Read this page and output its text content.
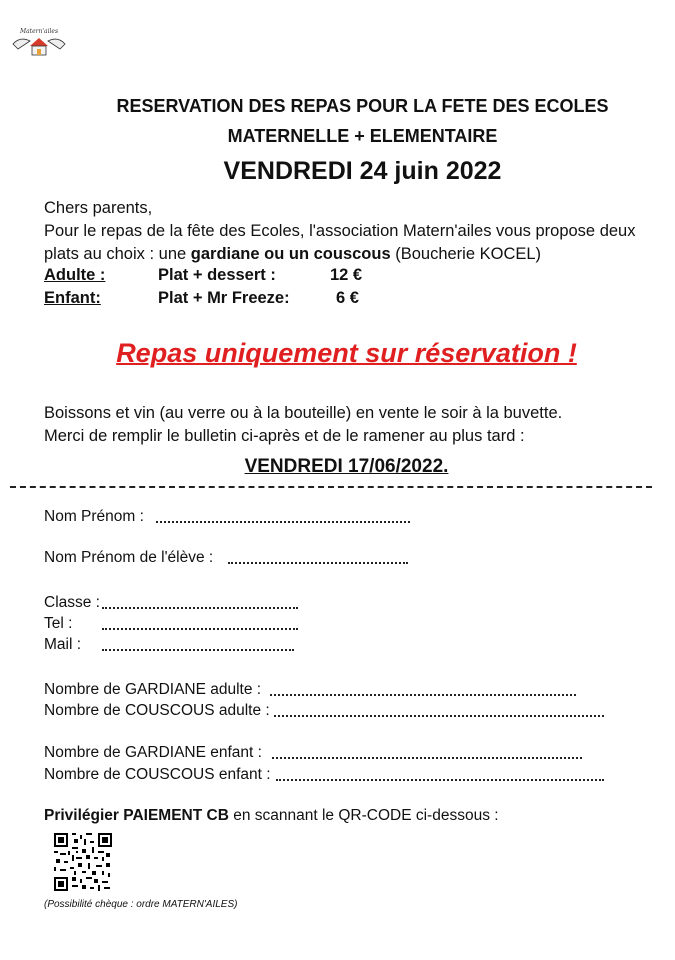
Matern'ailes
RESERVATION DES REPAS POUR LA FETE DES ECOLES
MATERNELLE + ELEMENTAIRE
VENDREDI 24 juin 2022
Chers parents,
Pour le repas de la fête des Ecoles, l'association Matern'ailes vous propose deux plats au choix : une gardiane ou un couscous (Boucherie KOCEL)
Adulte :	Plat + dessert :	12 €
Enfant:	Plat + Mr Freeze:	6 €
Repas uniquement sur réservation !
Boissons et vin (au verre ou à la bouteille) en vente le soir à la buvette.
Merci de remplir le bulletin ci-après et de le ramener au plus tard :
VENDREDI 17/06/2022.
Nom Prénom :
Nom Prénom de l'élève :
Classe :
Tel :
Mail :
Nombre de GARDIANE adulte :
Nombre de COUSCOUS adulte :
Nombre de GARDIANE enfant :
Nombre de COUSCOUS enfant :
Privilégier PAIEMENT CB en scannant le QR-CODE ci-dessous :
(Possibilité chèque : ordre MATERN'AILES)
